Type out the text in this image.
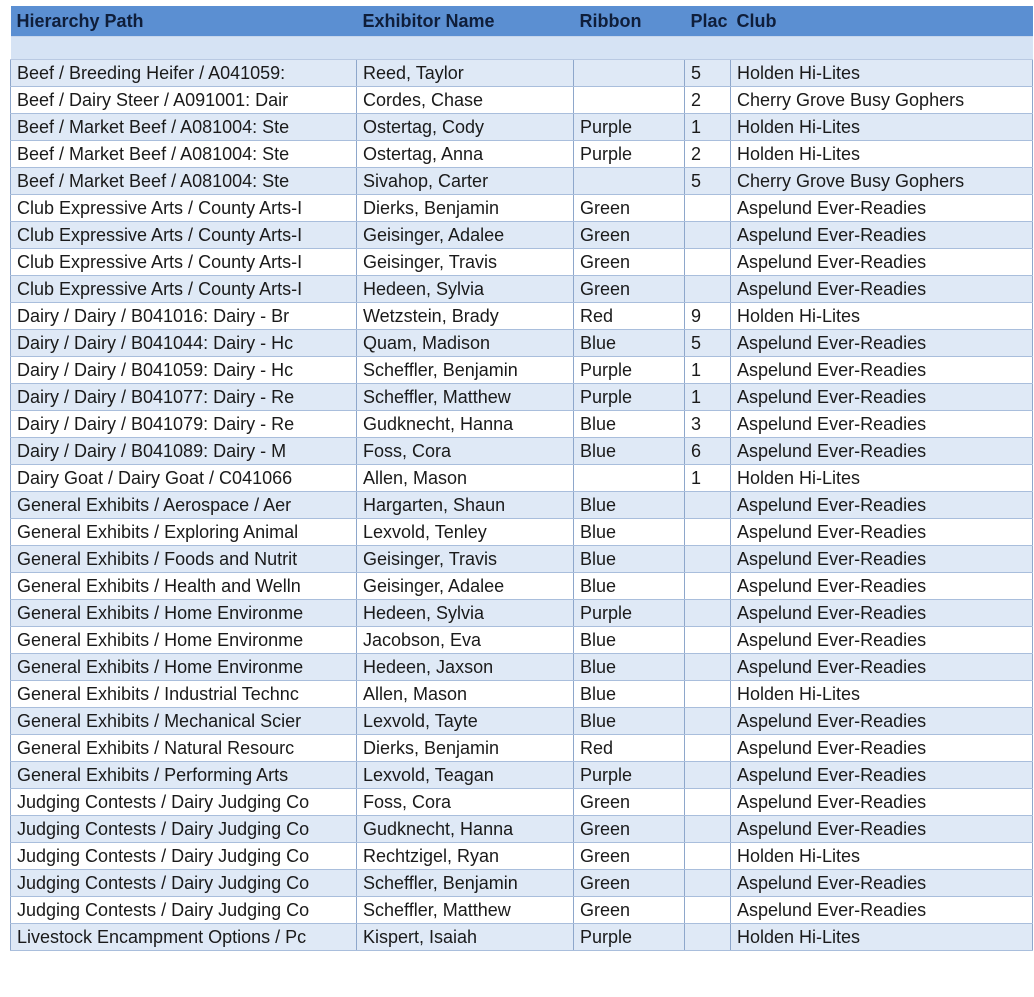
Hierarchy Path	Exhibitor Name	Ribbon	Plac	Club

Beef / Breeding Heifer / A041059:	Reed, Taylor		5	Holden Hi-Lites
Beef / Dairy Steer / A091001: Dair	Cordes, Chase		2	Cherry Grove Busy Gophers
Beef / Market Beef / A081004: Ste	Ostertag, Cody	Purple	1	Holden Hi-Lites
Beef / Market Beef / A081004: Ste	Ostertag, Anna	Purple	2	Holden Hi-Lites
Beef / Market Beef / A081004: Ste	Sivahop, Carter		5	Cherry Grove Busy Gophers
Club Expressive Arts / County Arts-I	Dierks, Benjamin	Green		Aspelund Ever-Readies
Club Expressive Arts / County Arts-I	Geisinger, Adalee	Green		Aspelund Ever-Readies
Club Expressive Arts / County Arts-I	Geisinger, Travis	Green		Aspelund Ever-Readies
Club Expressive Arts / County Arts-I	Hedeen, Sylvia	Green		Aspelund Ever-Readies
Dairy / Dairy / B041016: Dairy - Br	Wetzstein, Brady	Red	9	Holden Hi-Lites
Dairy / Dairy / B041044: Dairy - Hc	Quam, Madison	Blue	5	Aspelund Ever-Readies
Dairy / Dairy / B041059: Dairy - Hc	Scheffler, Benjamin	Purple	1	Aspelund Ever-Readies
Dairy / Dairy / B041077: Dairy - Re	Scheffler, Matthew	Purple	1	Aspelund Ever-Readies
Dairy / Dairy / B041079: Dairy - Re	Gudknecht, Hanna	Blue	3	Aspelund Ever-Readies
Dairy / Dairy / B041089: Dairy - M	Foss, Cora	Blue	6	Aspelund Ever-Readies
Dairy Goat / Dairy Goat / C041066	Allen, Mason		1	Holden Hi-Lites
General Exhibits / Aerospace / Aer	Hargarten, Shaun	Blue		Aspelund Ever-Readies
General Exhibits / Exploring Animal	Lexvold, Tenley	Blue		Aspelund Ever-Readies
General Exhibits / Foods and Nutrit	Geisinger, Travis	Blue		Aspelund Ever-Readies
General Exhibits / Health and Welln	Geisinger, Adalee	Blue		Aspelund Ever-Readies
General Exhibits / Home Environme	Hedeen, Sylvia	Purple		Aspelund Ever-Readies
General Exhibits / Home Environme	Jacobson, Eva	Blue		Aspelund Ever-Readies
General Exhibits / Home Environme	Hedeen, Jaxson	Blue		Aspelund Ever-Readies
General Exhibits / Industrial Technc	Allen, Mason	Blue		Holden Hi-Lites
General Exhibits / Mechanical Scier	Lexvold, Tayte	Blue		Aspelund Ever-Readies
General Exhibits / Natural Resourc	Dierks, Benjamin	Red		Aspelund Ever-Readies
General Exhibits / Performing Arts	Lexvold, Teagan	Purple		Aspelund Ever-Readies
Judging Contests / Dairy Judging Co	Foss, Cora	Green		Aspelund Ever-Readies
Judging Contests / Dairy Judging Co	Gudknecht, Hanna	Green		Aspelund Ever-Readies
Judging Contests / Dairy Judging Co	Rechtzigel, Ryan	Green		Holden Hi-Lites
Judging Contests / Dairy Judging Co	Scheffler, Benjamin	Green		Aspelund Ever-Readies
Judging Contests / Dairy Judging Co	Scheffler, Matthew	Green		Aspelund Ever-Readies
Livestock Encampment Options / Pc	Kispert, Isaiah	Purple		Holden Hi-Lites
